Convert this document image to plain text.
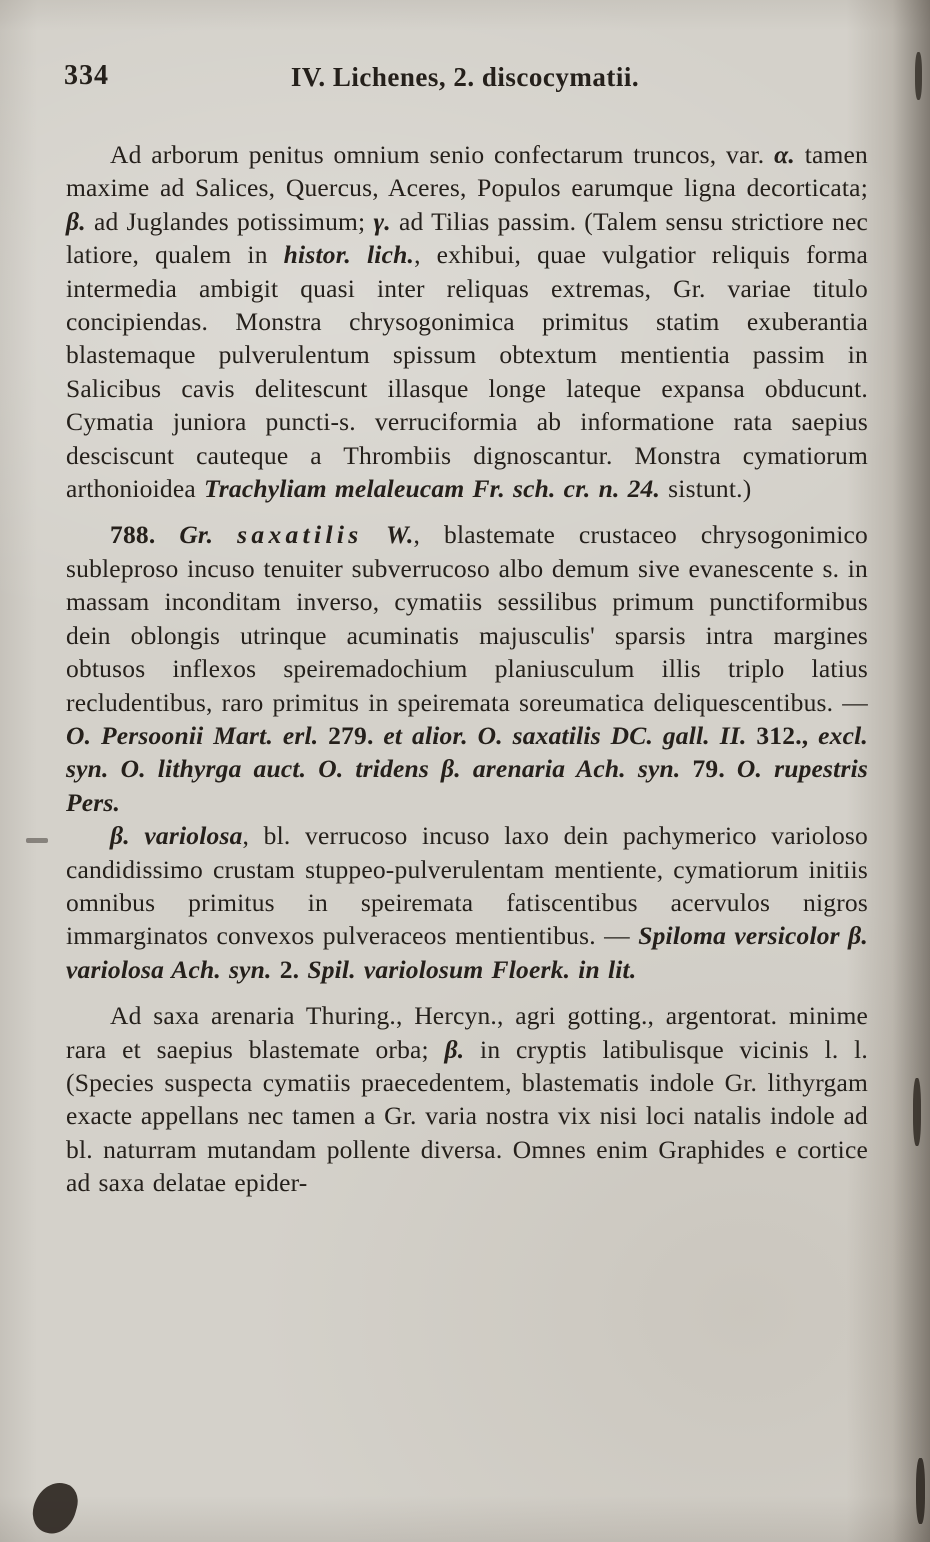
334	IV. Lichenes, 2. discocymatii.

Ad arborum penitus omnium senio confectarum truncos, var. α. tamen maxime ad Salices, Quercus, Aceres, Populos earumque ligna decorticata; β. ad Juglandes potissimum; γ. ad Tilias passim. (Talem sensu strictiore nec latiore, qualem in histor. lich., exhibui, quae vulgatior reliquis forma intermedia ambigit quasi inter reliquas extremas, Gr. variae titulo concipiendas. Monstra chrysogonimica primitus statim exuberantia blastemaque pulverulentum spissum obtextum mentientia passim in Salicibus cavis delitescunt illasque longe lateque expansa obducunt. Cymatia juniora puncti-s. verruciformia ab informatione rata saepius desciscunt cauteque a Thrombiis dignoscantur. Monstra cymatiorum arthonioidea Trachyliam melaleucam Fr. sch. cr. n. 24. sistunt.)

788. Gr. saxatilis W., blastemate crustaceo chrysogonimico subleproso incuso tenuiter subverrucoso albo demum sive evanescente s. in massam inconditam inverso, cymatiis sessilibus primum punctiformibus dein oblongis utrinque acuminatis majusculis' sparsis intra margines obtusos inflexos speiremadochium planiusculum illis triplo latius recludentibus, raro primitus in speiremata soreumatica deliquescentibus. — O. Persoonii Mart. erl. 279. et alior. O. saxatilis DC. gall. II. 312., excl. syn. O. lithyrga auct. O. tridens β. arenaria Ach. syn. 79. O. rupestris Pers.

β. variolosa, bl. verrucoso incuso laxo dein pachymerico varioloso candidissimo crustam stuppeo-pulverulentam mentiente, cymatiorum initiis omnibus primitus in speiremata fatiscentibus acervulos nigros immarginatos convexos pulveraceos mentientibus. — Spiloma versicolor β. variolosa Ach. syn. 2. Spil. variolosum Floerk. in lit.

Ad saxa arenaria Thuring., Hercyn., agri gotting., argentorat. minime rara et saepius blastemate orba; β. in cryptis latibulisque vicinis l. l. (Species suspecta cymatiis praecedentem, blastematis indole Gr. lithyrgam exacte appellans nec tamen a Gr. varia nostra vix nisi loci natalis indole ad bl. naturram mutandam pollente diversa. Omnes enim Graphides e cortice ad saxa delatae epider-
